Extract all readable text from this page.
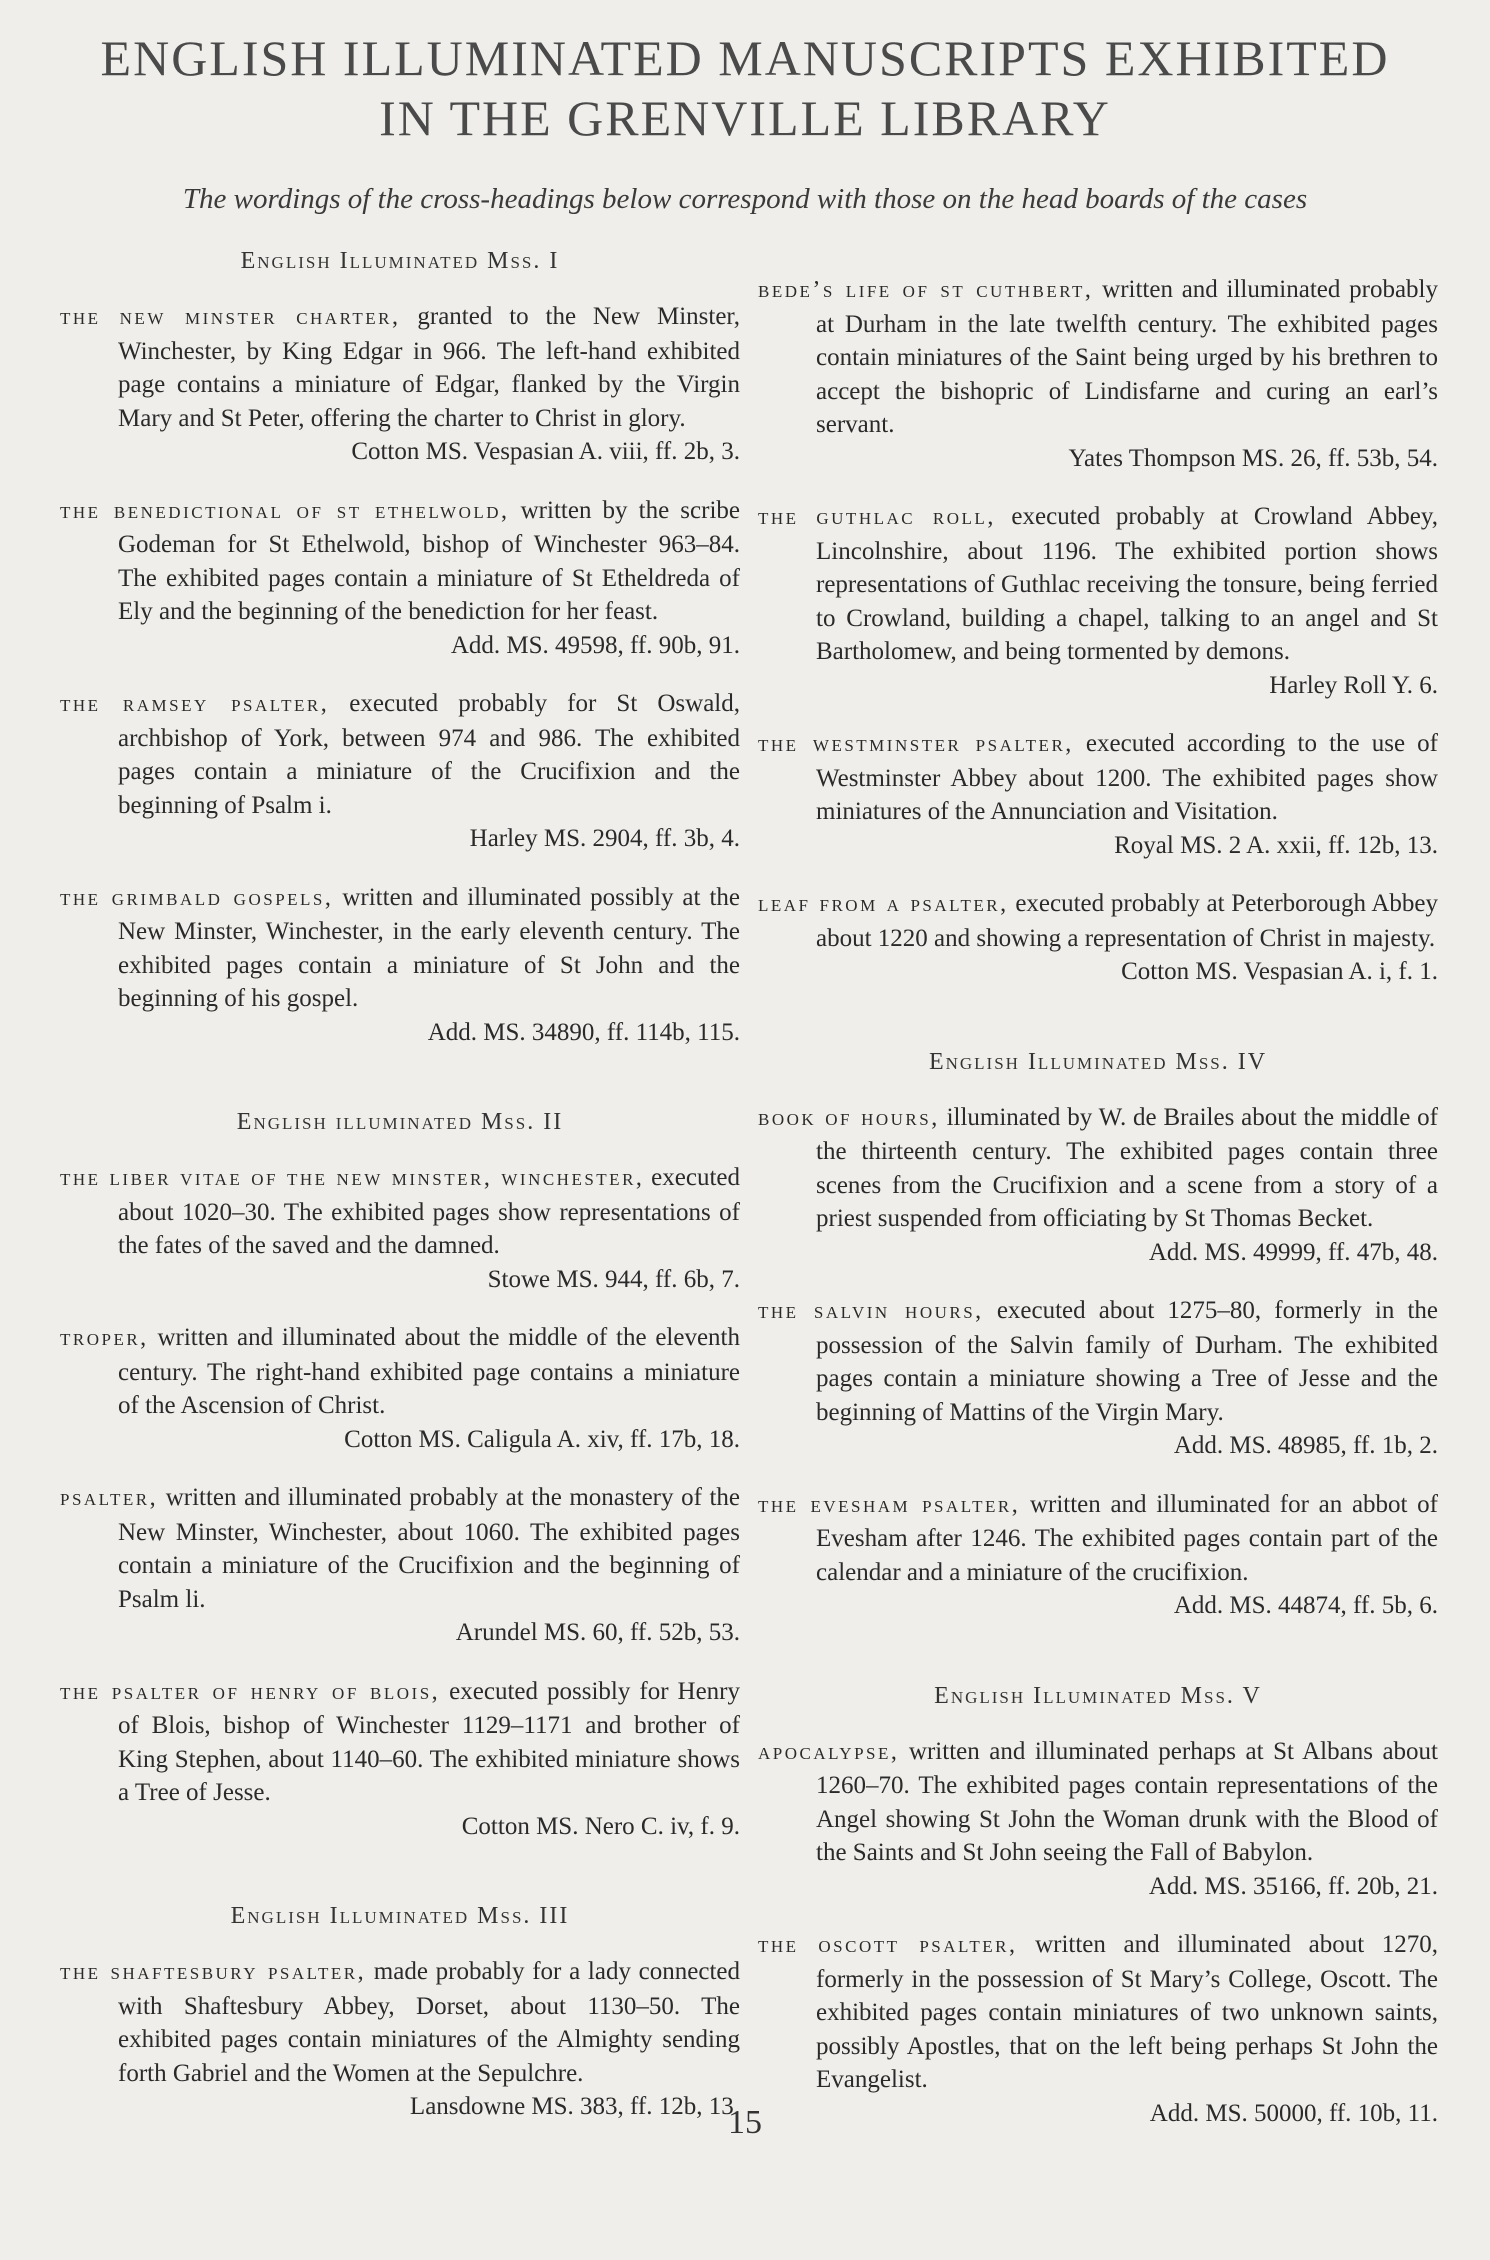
ENGLISH ILLUMINATED MANUSCRIPTS EXHIBITED
IN THE GRENVILLE LIBRARY
The wordings of the cross-headings below correspond with those on the head boards of the cases
English Illuminated Mss. I

the new minster charter, granted to the New Minster, Winchester, by King Edgar in 966. The left-hand exhibited page contains a miniature of Edgar, flanked by the Virgin Mary and St Peter, offering the charter to Christ in glory.
Cotton MS. Vespasian A. viii, ff. 2b, 3.

the benedictional of st ethelwold, written by the scribe Godeman for St Ethelwold, bishop of Winchester 963–84. The exhibited pages contain a miniature of St Etheldreda of Ely and the beginning of the benediction for her feast.
Add. MS. 49598, ff. 90b, 91.

the ramsey psalter, executed probably for St Oswald, archbishop of York, between 974 and 986. The exhibited pages contain a miniature of the Crucifixion and the beginning of Psalm i.
Harley MS. 2904, ff. 3b, 4.

the grimbald gospels, written and illuminated possibly at the New Minster, Winchester, in the early eleventh century. The exhibited pages contain a miniature of St John and the beginning of his gospel.
Add. MS. 34890, ff. 114b, 115.

English illuminated Mss. II

the liber vitae of the new minster, winchester, executed about 1020–30. The exhibited pages show representations of the fates of the saved and the damned.
Stowe MS. 944, ff. 6b, 7.

troper, written and illuminated about the middle of the eleventh century. The right-hand exhibited page contains a miniature of the Ascension of Christ.
Cotton MS. Caligula A. xiv, ff. 17b, 18.

psalter, written and illuminated probably at the monastery of the New Minster, Winchester, about 1060. The exhibited pages contain a miniature of the Crucifixion and the beginning of Psalm li.
Arundel MS. 60, ff. 52b, 53.

the psalter of henry of blois, executed possibly for Henry of Blois, bishop of Winchester 1129–1171 and brother of King Stephen, about 1140–60. The exhibited miniature shows a Tree of Jesse.
Cotton MS. Nero C. iv, f. 9.

English Illuminated Mss. III

the shaftesbury psalter, made probably for a lady connected with Shaftesbury Abbey, Dorset, about 1130–50. The exhibited pages contain miniatures of the Almighty sending forth Gabriel and the Women at the Sepulchre.
Lansdowne MS. 383, ff. 12b, 13.

bede’s life of st cuthbert, written and illuminated probably at Durham in the late twelfth century. The exhibited pages contain miniatures of the Saint being urged by his brethren to accept the bishopric of Lindisfarne and curing an earl’s servant.
Yates Thompson MS. 26, ff. 53b, 54.

the guthlac roll, executed probably at Crowland Abbey, Lincolnshire, about 1196. The exhibited portion shows representations of Guthlac receiving the tonsure, being ferried to Crowland, building a chapel, talking to an angel and St Bartholomew, and being tormented by demons.
Harley Roll Y. 6.

the westminster psalter, executed according to the use of Westminster Abbey about 1200. The exhibited pages show miniatures of the Annunciation and Visitation.
Royal MS. 2 A. xxii, ff. 12b, 13.

leaf from a psalter, executed probably at Peterborough Abbey about 1220 and showing a representation of Christ in majesty.
Cotton MS. Vespasian A. i, f. 1.

English Illuminated Mss. IV

book of hours, illuminated by W. de Brailes about the middle of the thirteenth century. The exhibited pages contain three scenes from the Crucifixion and a scene from a story of a priest suspended from officiating by St Thomas Becket.
Add. MS. 49999, ff. 47b, 48.

the salvin hours, executed about 1275–80, formerly in the possession of the Salvin family of Durham. The exhibited pages contain a miniature showing a Tree of Jesse and the beginning of Mattins of the Virgin Mary.
Add. MS. 48985, ff. 1b, 2.

the evesham psalter, written and illuminated for an abbot of Evesham after 1246. The exhibited pages contain part of the calendar and a miniature of the crucifixion.
Add. MS. 44874, ff. 5b, 6.

English Illuminated Mss. V

apocalypse, written and illuminated perhaps at St Albans about 1260–70. The exhibited pages contain representations of the Angel showing St John the Woman drunk with the Blood of the Saints and St John seeing the Fall of Babylon.
Add. MS. 35166, ff. 20b, 21.

the oscott psalter, written and illuminated about 1270, formerly in the possession of St Mary’s College, Oscott. The exhibited pages contain miniatures of two unknown saints, possibly Apostles, that on the left being perhaps St John the Evangelist.
Add. MS. 50000, ff. 10b, 11.

15
